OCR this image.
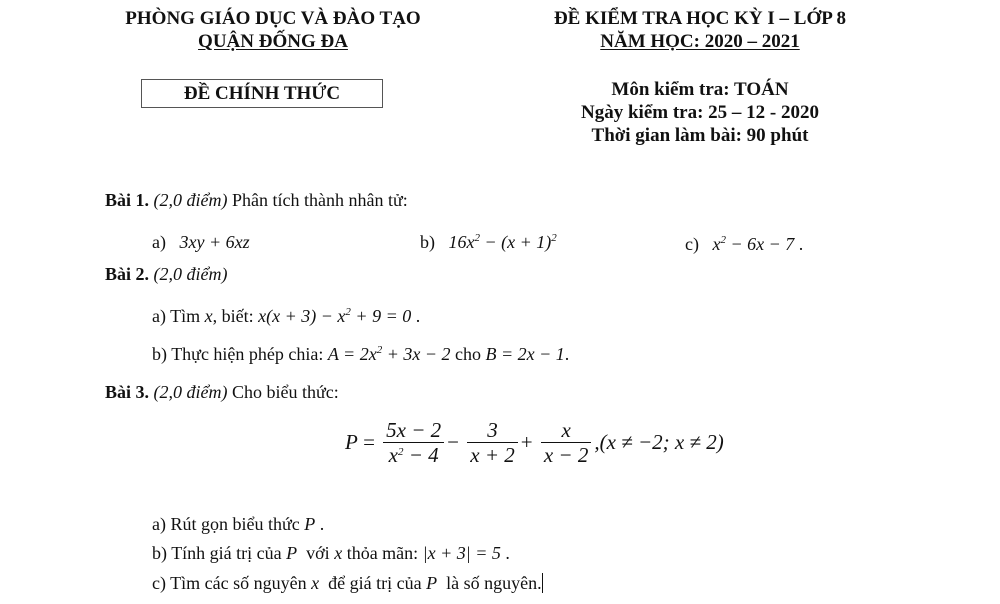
PHÒNG GIÁO DỤC VÀ ĐÀO TẠO
QUẬN ĐỐNG ĐA
ĐỀ CHÍNH THỨC
ĐỀ KIỂM TRA HỌC KỲ I – LỚP 8
NĂM HỌC: 2020 – 2021
Môn kiểm tra: TOÁN
Ngày kiểm tra: 25 – 12 - 2020
Thời gian làm bài: 90 phút
Bài 1. (2,0 điểm) Phân tích thành nhân tử:
a) 3xy + 6xz	b) $16x^2 - (x + 1)^2$	c) $x^2 - 6x - 7$ .
Bài 2. (2,0 điểm)
a) Tìm x, biết: $x(x + 3) - x^2 + 9 = 0$ .
b) Thực hiện phép chia: $A = 2x^2 + 3x - 2$ cho B = 2x − 1.
Bài 3. (2,0 điểm) Cho biểu thức:
$P = \frac{5x - 2}{x^2 - 4} - \frac{3}{x + 2} + \frac{x}{x - 2} ,(x \ne -2$; x ≠ 2)
a) Rút gọn biểu thức P .
b) Tính giá trị của P với x thỏa mãn: |x + 3| = 5 .
c) Tìm các số nguyên x để giá trị của P là số nguyên.
